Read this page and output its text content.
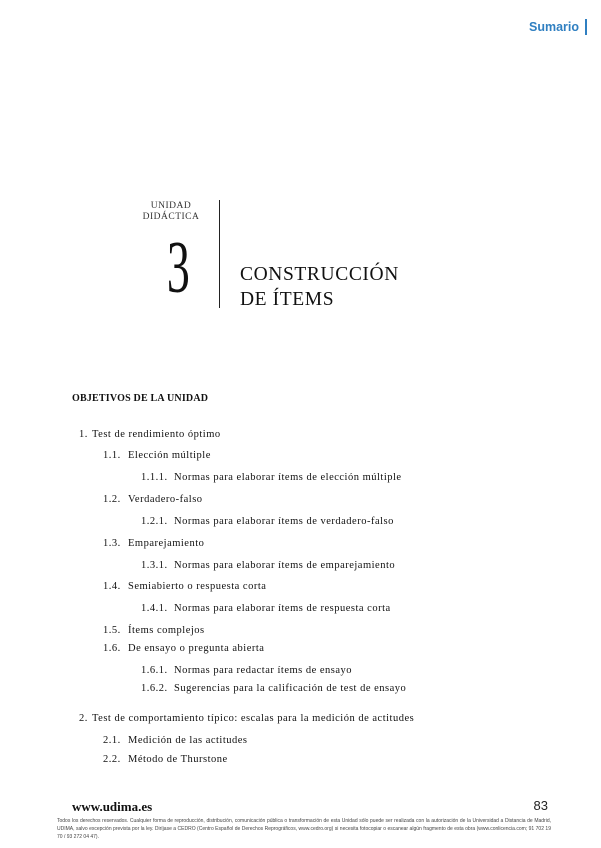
Sumario
UNIDAD
DIDÁCTICA
3	CONSTRUCCIÓN
DE ÍTEMS
OBJETIVOS DE LA UNIDAD
1. Test de rendimiento óptimo
1.1. Elección múltiple
1.1.1. Normas para elaborar ítems de elección múltiple
1.2. Verdadero-falso
1.2.1. Normas para elaborar ítems de verdadero-falso
1.3. Emparejamiento
1.3.1. Normas para elaborar ítems de emparejamiento
1.4. Semiabierto o respuesta corta
1.4.1. Normas para elaborar ítems de respuesta corta
1.5. Ítems complejos
1.6. De ensayo o pregunta abierta
1.6.1. Normas para redactar ítems de ensayo
1.6.2. Sugerencias para la calificación de test de ensayo
2. Test de comportamiento típico: escalas para la medición de actitudes
2.1. Medición de las actitudes
2.2. Método de Thurstone
www.udima.es	83
Todos los derechos reservados. Cualquier forma de reproducción, distribución, comunicación pública o transformación de esta Unidad sólo puede ser realizada con la autorización de la Universidad a Distancia de Madrid, UDIMA, salvo excepción prevista por la ley. Diríjase a CEDRO (Centro Español de Derechos Reprográficos, www.cedro.org) si necesita fotocopiar o escanear algún fragmento de esta obra (www.conlicencia.com; 91 702 19 70 / 93 272 04 47).
